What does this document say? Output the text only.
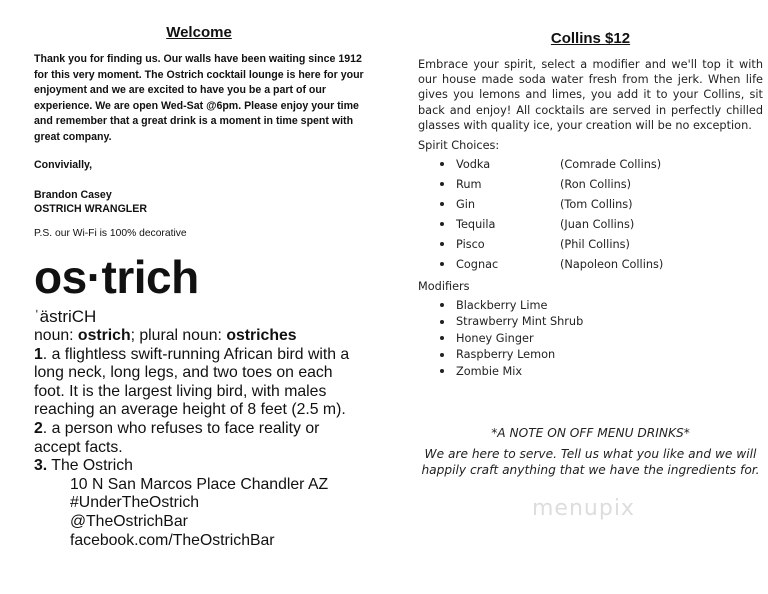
Welcome
Thank you for finding us. Our walls have been waiting since 1912 for this very moment. The Ostrich cocktail lounge is here for your enjoyment and we are excited to have you be a part of our experience. We are open Wed-Sat @6pm. Please enjoy your time and remember that a great drink is a moment in time spent with great company.
Convivially,
Brandon Casey
OSTRICH WRANGLER
P.S. our Wi-Fi is 100% decorative
os·trich
ˈästriCH
noun: ostrich; plural noun: ostriches
1. a flightless swift-running African bird with a long neck, long legs, and two toes on each foot. It is the largest living bird, with males reaching an average height of 8 feet (2.5 m).
2. a person who refuses to face reality or accept facts.
3. The Ostrich
10 N San Marcos Place Chandler AZ
#UnderTheOstrich
@TheOstrichBar
facebook.com/TheOstrichBar
Collins $12
Embrace your spirit, select a modifier and we'll top it with our house made soda water fresh from the jerk. When life gives you lemons and limes, you add it to your Collins, sit back and enjoy! All cocktails are served in perfectly chilled glasses with quality ice, your creation will be no exception.
Spirit Choices:
Vodka	(Comrade Collins)
Rum	(Ron Collins)
Gin	(Tom Collins)
Tequila	(Juan Collins)
Pisco	(Phil Collins)
Cognac	(Napoleon Collins)
Modifiers
Blackberry Lime
Strawberry Mint Shrub
Honey Ginger
Raspberry Lemon
Zombie Mix
*A NOTE ON OFF MENU DRINKS*
We are here to serve. Tell us what you like and we will happily craft anything that we have the ingredients for.
menupix
